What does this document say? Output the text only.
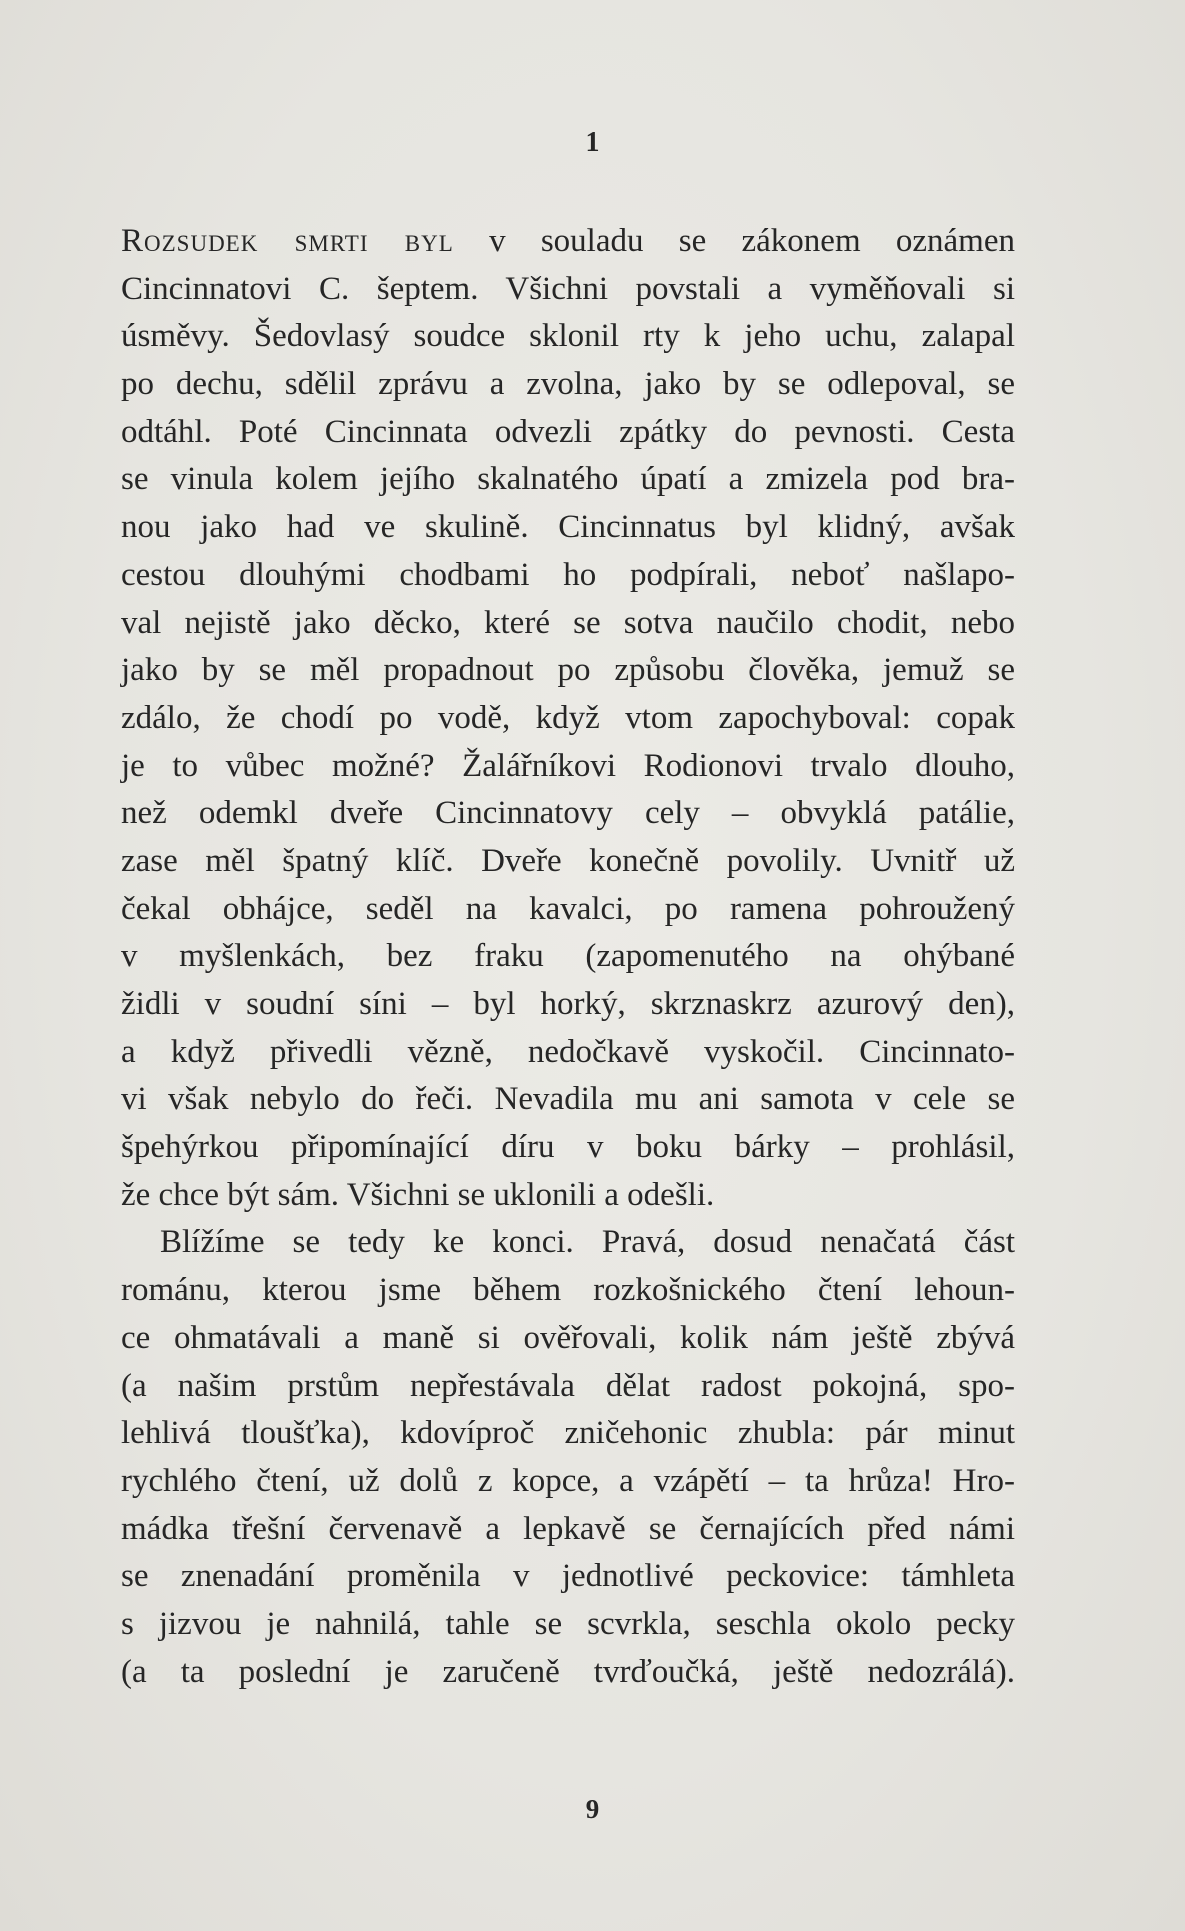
1
Rozsudek smrti byl v souladu se zákonem oznámen
Cincinnatovi C. šeptem. Všichni povstali a vyměňovali si
úsměvy. Šedovlasý soudce sklonil rty k jeho uchu, zalapal
po dechu, sdělil zprávu a zvolna, jako by se odlepoval, se
odtáhl. Poté Cincinnata odvezli zpátky do pevnosti. Cesta
se vinula kolem jejího skalnatého úpatí a zmizela pod bra-
nou jako had ve skulině. Cincinnatus byl klidný, avšak
cestou dlouhými chodbami ho podpírali, neboť našlapo-
val nejistě jako děcko, které se sotva naučilo chodit, nebo
jako by se měl propadnout po způsobu člověka, jemuž se
zdálo, že chodí po vodě, když vtom zapochyboval: copak
je to vůbec možné? Žalářníkovi Rodionovi trvalo dlouho,
než odemkl dveře Cincinnatovy cely – obvyklá patálie,
zase měl špatný klíč. Dveře konečně povolily. Uvnitř už
čekal obhájce, seděl na kavalci, po ramena pohroužený
v myšlenkách, bez fraku (zapomenutého na ohýbané
židli v soudní síni – byl horký, skrznaskrz azurový den),
a když přivedli vězně, nedočkavě vyskočil. Cincinnato-
vi však nebylo do řeči. Nevadila mu ani samota v cele se
špehýrkou připomínající díru v boku bárky – prohlásil,
že chce být sám. Všichni se uklonili a odešli.
Blížíme se tedy ke konci. Pravá, dosud nenačatá část
románu, kterou jsme během rozkošnického čtení lehoun-
ce ohmatávali a maně si ověřovali, kolik nám ještě zbývá
(a našim prstům nepřestávala dělat radost pokojná, spo-
lehlivá tloušťka), kdovíproč zničehonic zhubla: pár minut
rychlého čtení, už dolů z kopce, a vzápětí – ta hrůza! Hro-
mádka třešní červenavě a lepkavě se černajících před námi
se znenadání proměnila v jednotlivé peckovice: támhleta
s jizvou je nahnilá, tahle se scvrkla, seschla okolo pecky
(a ta poslední je zaručeně tvrďoučká, ještě nedozrálá).
9
